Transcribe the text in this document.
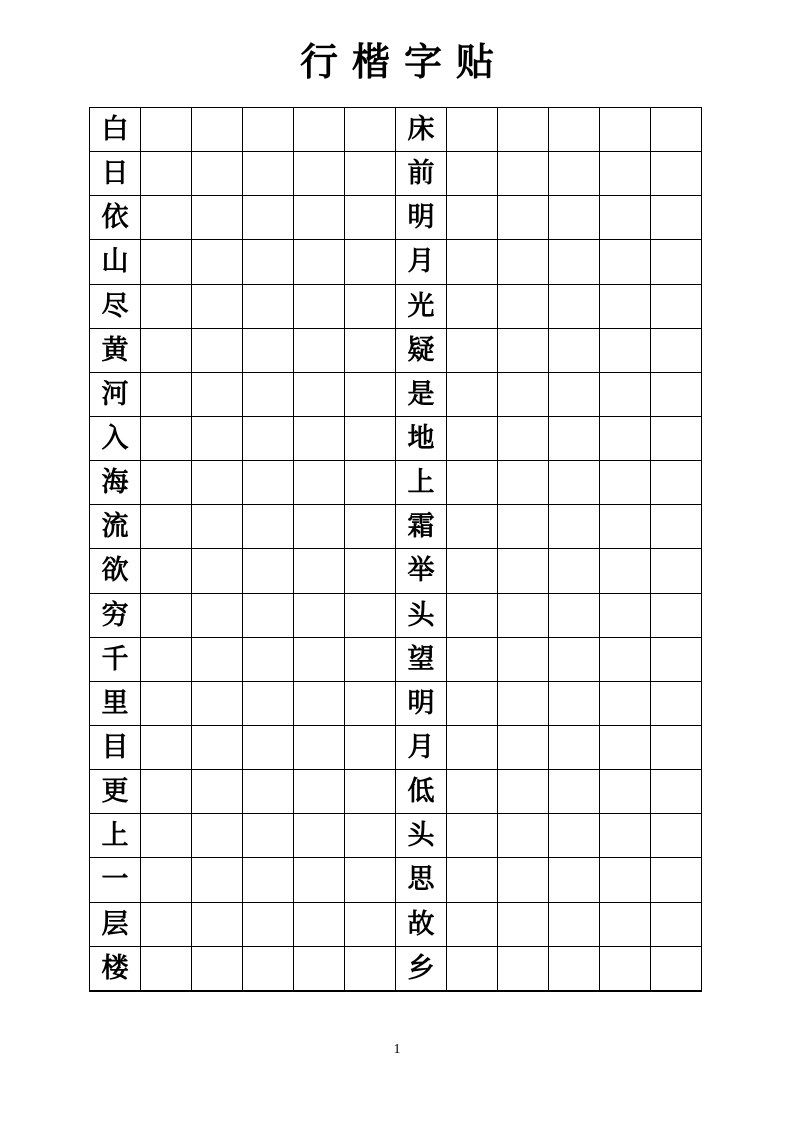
行楷字贴
白						床					
日						前					
依						明					
山						月					
尽						光					
黄						疑					
河						是					
入						地					
海						上					
流						霜					
欲						举					
穷						头					
千						望					
里						明					
目						月					
更						低					
上						头					
一						思					
层						故					
楼						乡					
1
